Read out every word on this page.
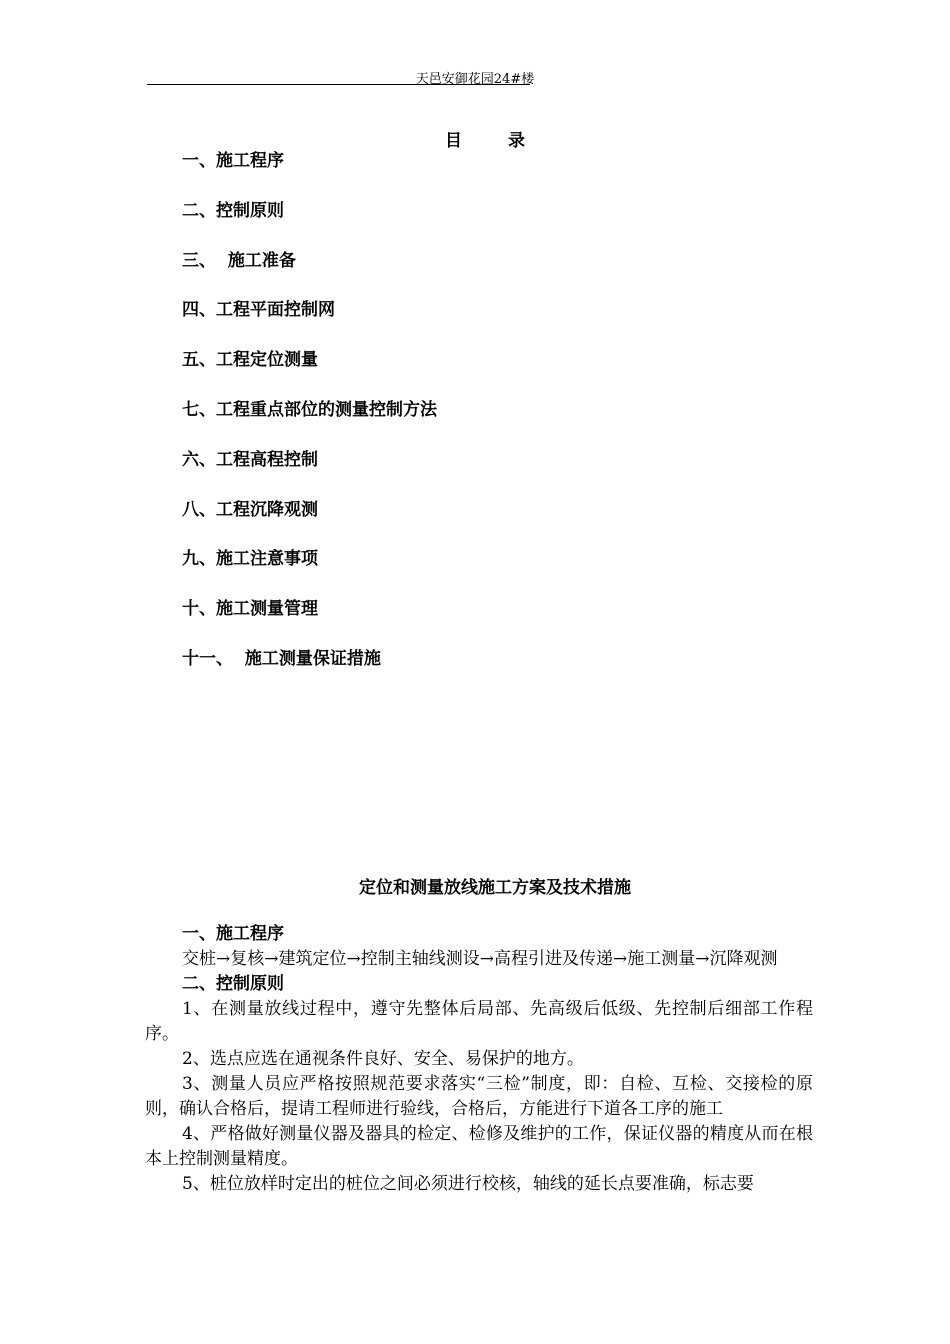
天邑安御花园24#楼
目 录
一、施工程序
二、控制原则
三、  施工准备
四、工程平面控制网
五、工程定位测量
七、工程重点部位的测量控制方法
六、工程高程控制
八、工程沉降观测
九、施工注意事项
十、施工测量管理
十一、  施工测量保证措施
定位和测量放线施工方案及技术措施
一、施工程序
交桩→复核→建筑定位→控制主轴线测设→高程引进及传递→施工测量→沉降观测
二、控制原则
1、在测量放线过程中，遵守先整体后局部、先高级后低级、先控制后细部工作程序。
2、选点应选在通视条件良好、安全、易保护的地方。
3、测量人员应严格按照规范要求落实“三检”制度，即：自检、互检、交接检的原则，确认合格后，提请工程师进行验线，合格后，方能进行下道各工序的施工
4、严格做好测量仪器及器具的检定、检修及维护的工作，保证仪器的精度从而在根本上控制测量精度。
5、桩位放样时定出的桩位之间必须进行校核，轴线的延长点要准确，标志要
